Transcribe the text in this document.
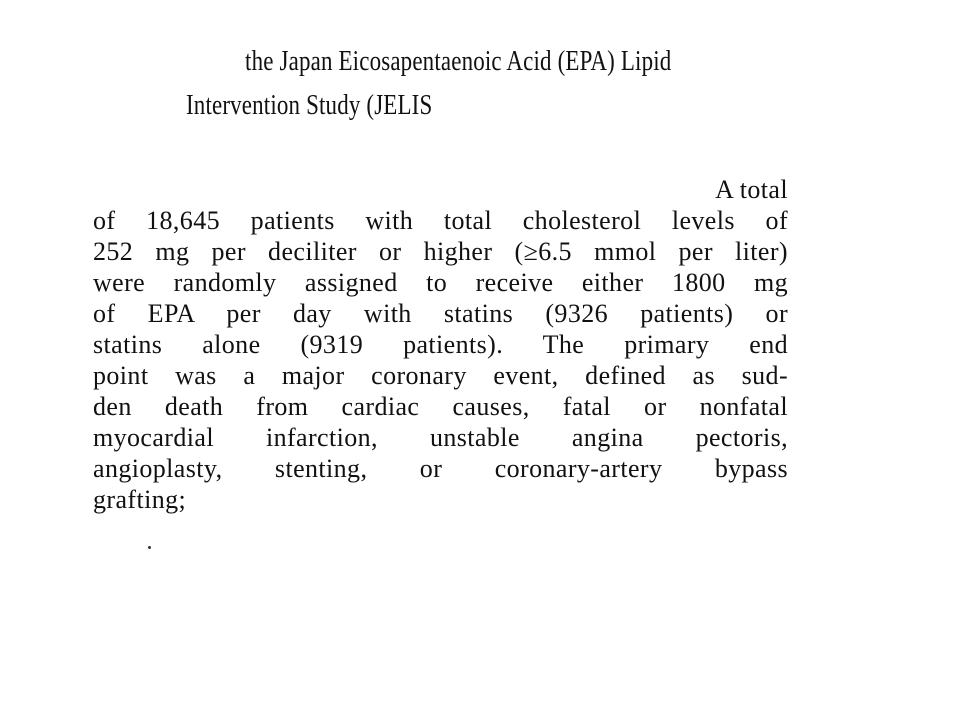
the Japan Eicosapentaenoic Acid (EPA) Lipid
Intervention Study (JELIS
A total
of 18,645 patients with total cholesterol levels of
252 mg per deciliter or higher (≥6.5 mmol per liter)
were randomly assigned to receive either 1800 mg
of EPA per day with statins (9326 patients) or
statins alone (9319 patients). The primary end
point was a major coronary event, defined as sud-
den death from cardiac causes, fatal or nonfatal
myocardial infarction, unstable angina pectoris,
angioplasty, stenting, or coronary-artery bypass
grafting;
